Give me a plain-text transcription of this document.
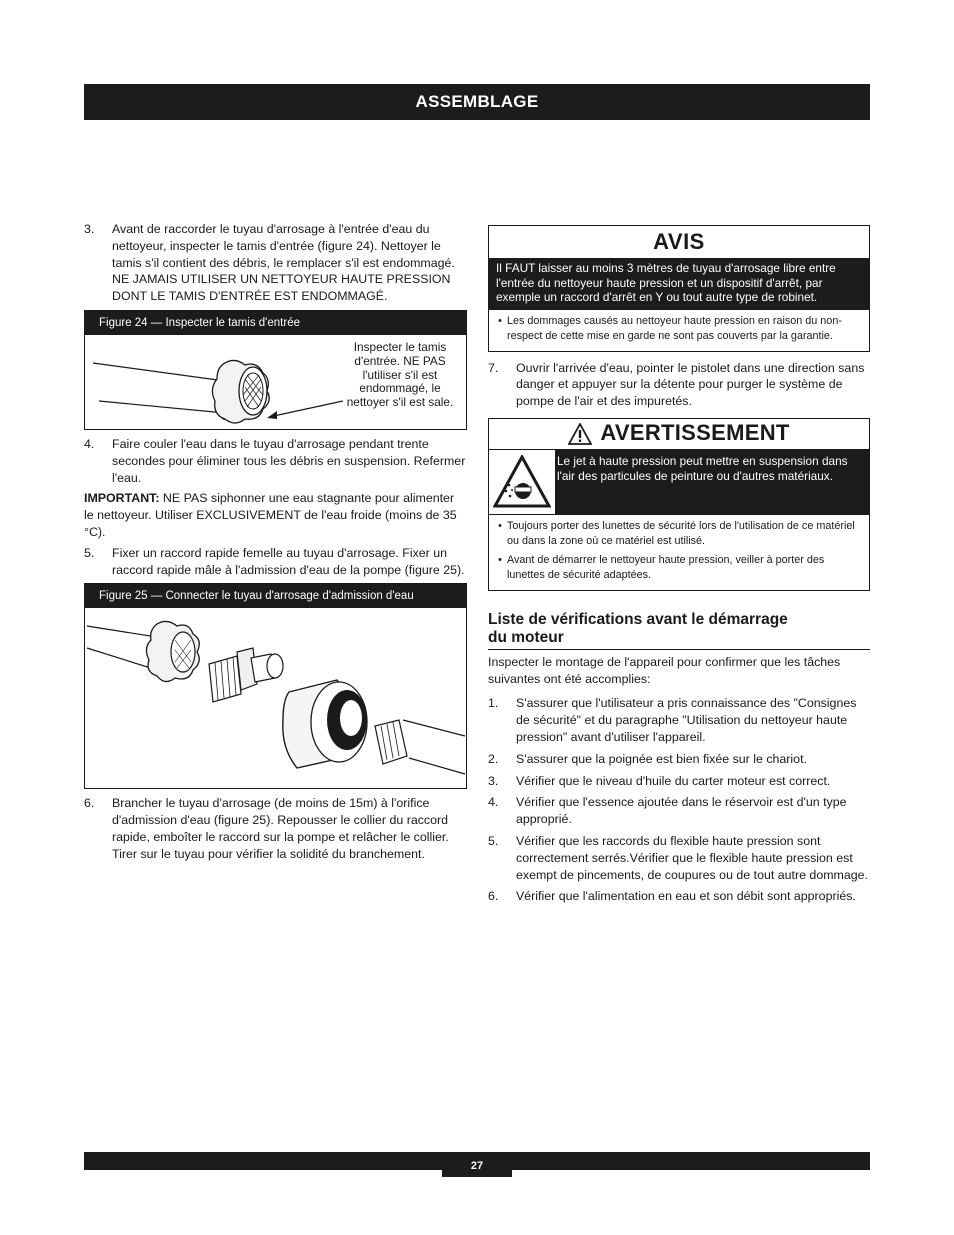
ASSEMBLAGE
3.	Avant de raccorder le tuyau d'arrosage à l'entrée d'eau du nettoyeur, inspecter le tamis d'entrée (figure 24). Nettoyer le tamis s'il contient des débris, le remplacer s'il est endommagé. NE JAMAIS UTILISER UN NETTOYEUR HAUTE PRESSION DONT LE TAMIS D'ENTRÉE EST ENDOMMAGÉ.
Figure 24 — Inspecter le tamis d'entrée
Inspecter le tamis d'entrée. NE PAS l'utiliser s'il est endommagé, le nettoyer s'il est sale.
4.	Faire couler l'eau dans le tuyau d'arrosage pendant trente secondes pour éliminer tous les débris en suspension. Refermer l'eau.
IMPORTANT: NE PAS siphonner une eau stagnante pour alimenter le nettoyeur. Utiliser EXCLUSIVEMENT de l'eau froide (moins de 35 °C).
5.	Fixer un raccord rapide femelle au tuyau d'arrosage. Fixer un raccord rapide mâle à l'admission d'eau de la pompe (figure 25).
Figure 25 — Connecter le tuyau d'arrosage d'admission d'eau
6.	Brancher le tuyau d'arrosage (de moins de 15m) à l'orifice d'admission d'eau (figure 25). Repousser le collier du raccord rapide, emboîter le raccord sur la pompe et relâcher le collier. Tirer sur le tuyau pour vérifier la solidité du branchement.
AVIS
Il FAUT laisser au moins 3 mètres de tuyau d'arrosage libre entre l'entrée du nettoyeur haute pression et un dispositif d'arrêt, par exemple un raccord d'arrêt en Y ou tout autre type de robinet.
• Les dommages causés au nettoyeur haute pression en raison du non-respect de cette mise en garde ne sont pas couverts par la garantie.
7.	Ouvrir l'arrivée d'eau, pointer le pistolet dans une direction sans danger et appuyer sur la détente pour purger le système de pompe de l'air et des impuretés.
AVERTISSEMENT
Le jet à haute pression peut mettre en suspension dans l'air des particules de peinture ou d'autres matériaux.
• Toujours porter des lunettes de sécurité lors de l'utilisation de ce matériel ou dans la zone où ce matériel est utilisé.
• Avant de démarrer le nettoyeur haute pression, veiller à porter des lunettes de sécurité adaptées.
Liste de vérifications avant le démarrage
du moteur
Inspecter le montage de l'appareil pour confirmer que les tâches suivantes ont été accomplies:
1.	S'assurer que l'utilisateur a pris connaissance des "Consignes de sécurité" et du paragraphe "Utilisation du nettoyeur haute pression" avant d'utiliser l'appareil.
2.	S'assurer que la poignée est bien fixée sur le chariot.
3.	Vérifier que le niveau d'huile du carter moteur est correct.
4.	Vérifier que l'essence ajoutée dans le réservoir est d'un type approprié.
5.	Vérifier que les raccords du flexible haute pression sont correctement serrés.Vérifier que le flexible haute pression est exempt de pincements, de coupures ou de tout autre dommage.
6.	Vérifier que l'alimentation en eau et son débit sont appropriés.
27
